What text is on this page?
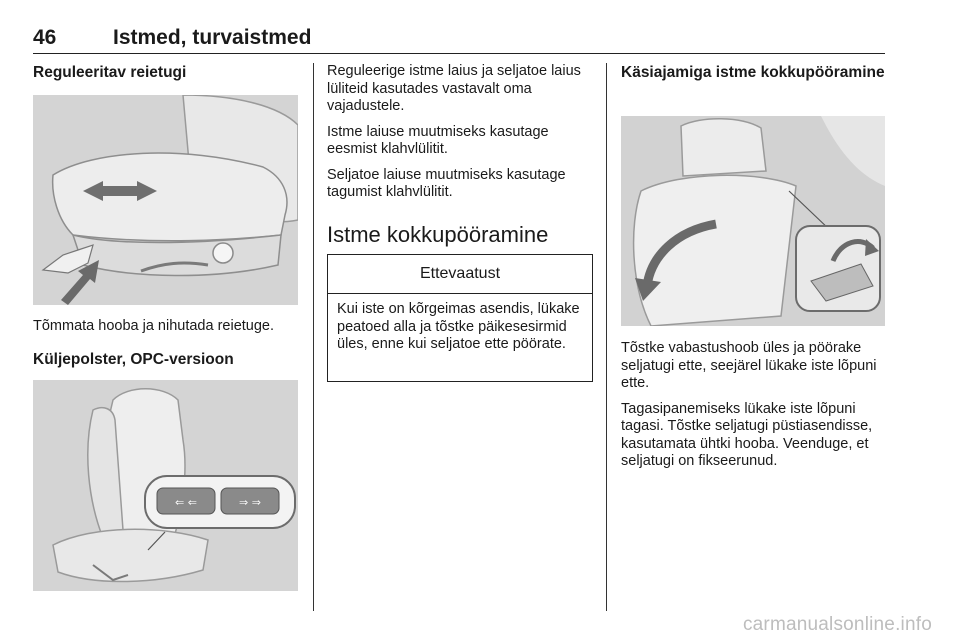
46	Istmed, turvaistmed

Reguleeritav reietugi

Tõmmata hooba ja nihutada reietuge.

Küljepolster, OPC-versioon

⇐ ⇐	⇒ ⇒

Reguleerige istme laius ja seljatoe laius lüliteid kasutades vastavalt oma vajadustele.

Istme laiuse muutmiseks kasutage eesmist klahvlülitit.

Seljatoe laiuse muutmiseks kasutage tagumist klahvlülitit.

Istme kokkupööramine

Ettevaatust
Kui iste on kõrgeimas asendis, lükake peatoed alla ja tõstke päikesesirmid üles, enne kui seljatoe ette pöörate.

Käsiajamiga istme kokkupööramine

Tõstke vabastushoob üles ja pöörake seljatugi ette, seejärel lükake iste lõpuni ette.

Tagasipanemiseks lükake iste lõpuni tagasi. Tõstke seljatugi püstiasendisse, kasutamata ühtki hooba. Veenduge, et seljatugi on fikseerunud.

carmanualsonline.info
